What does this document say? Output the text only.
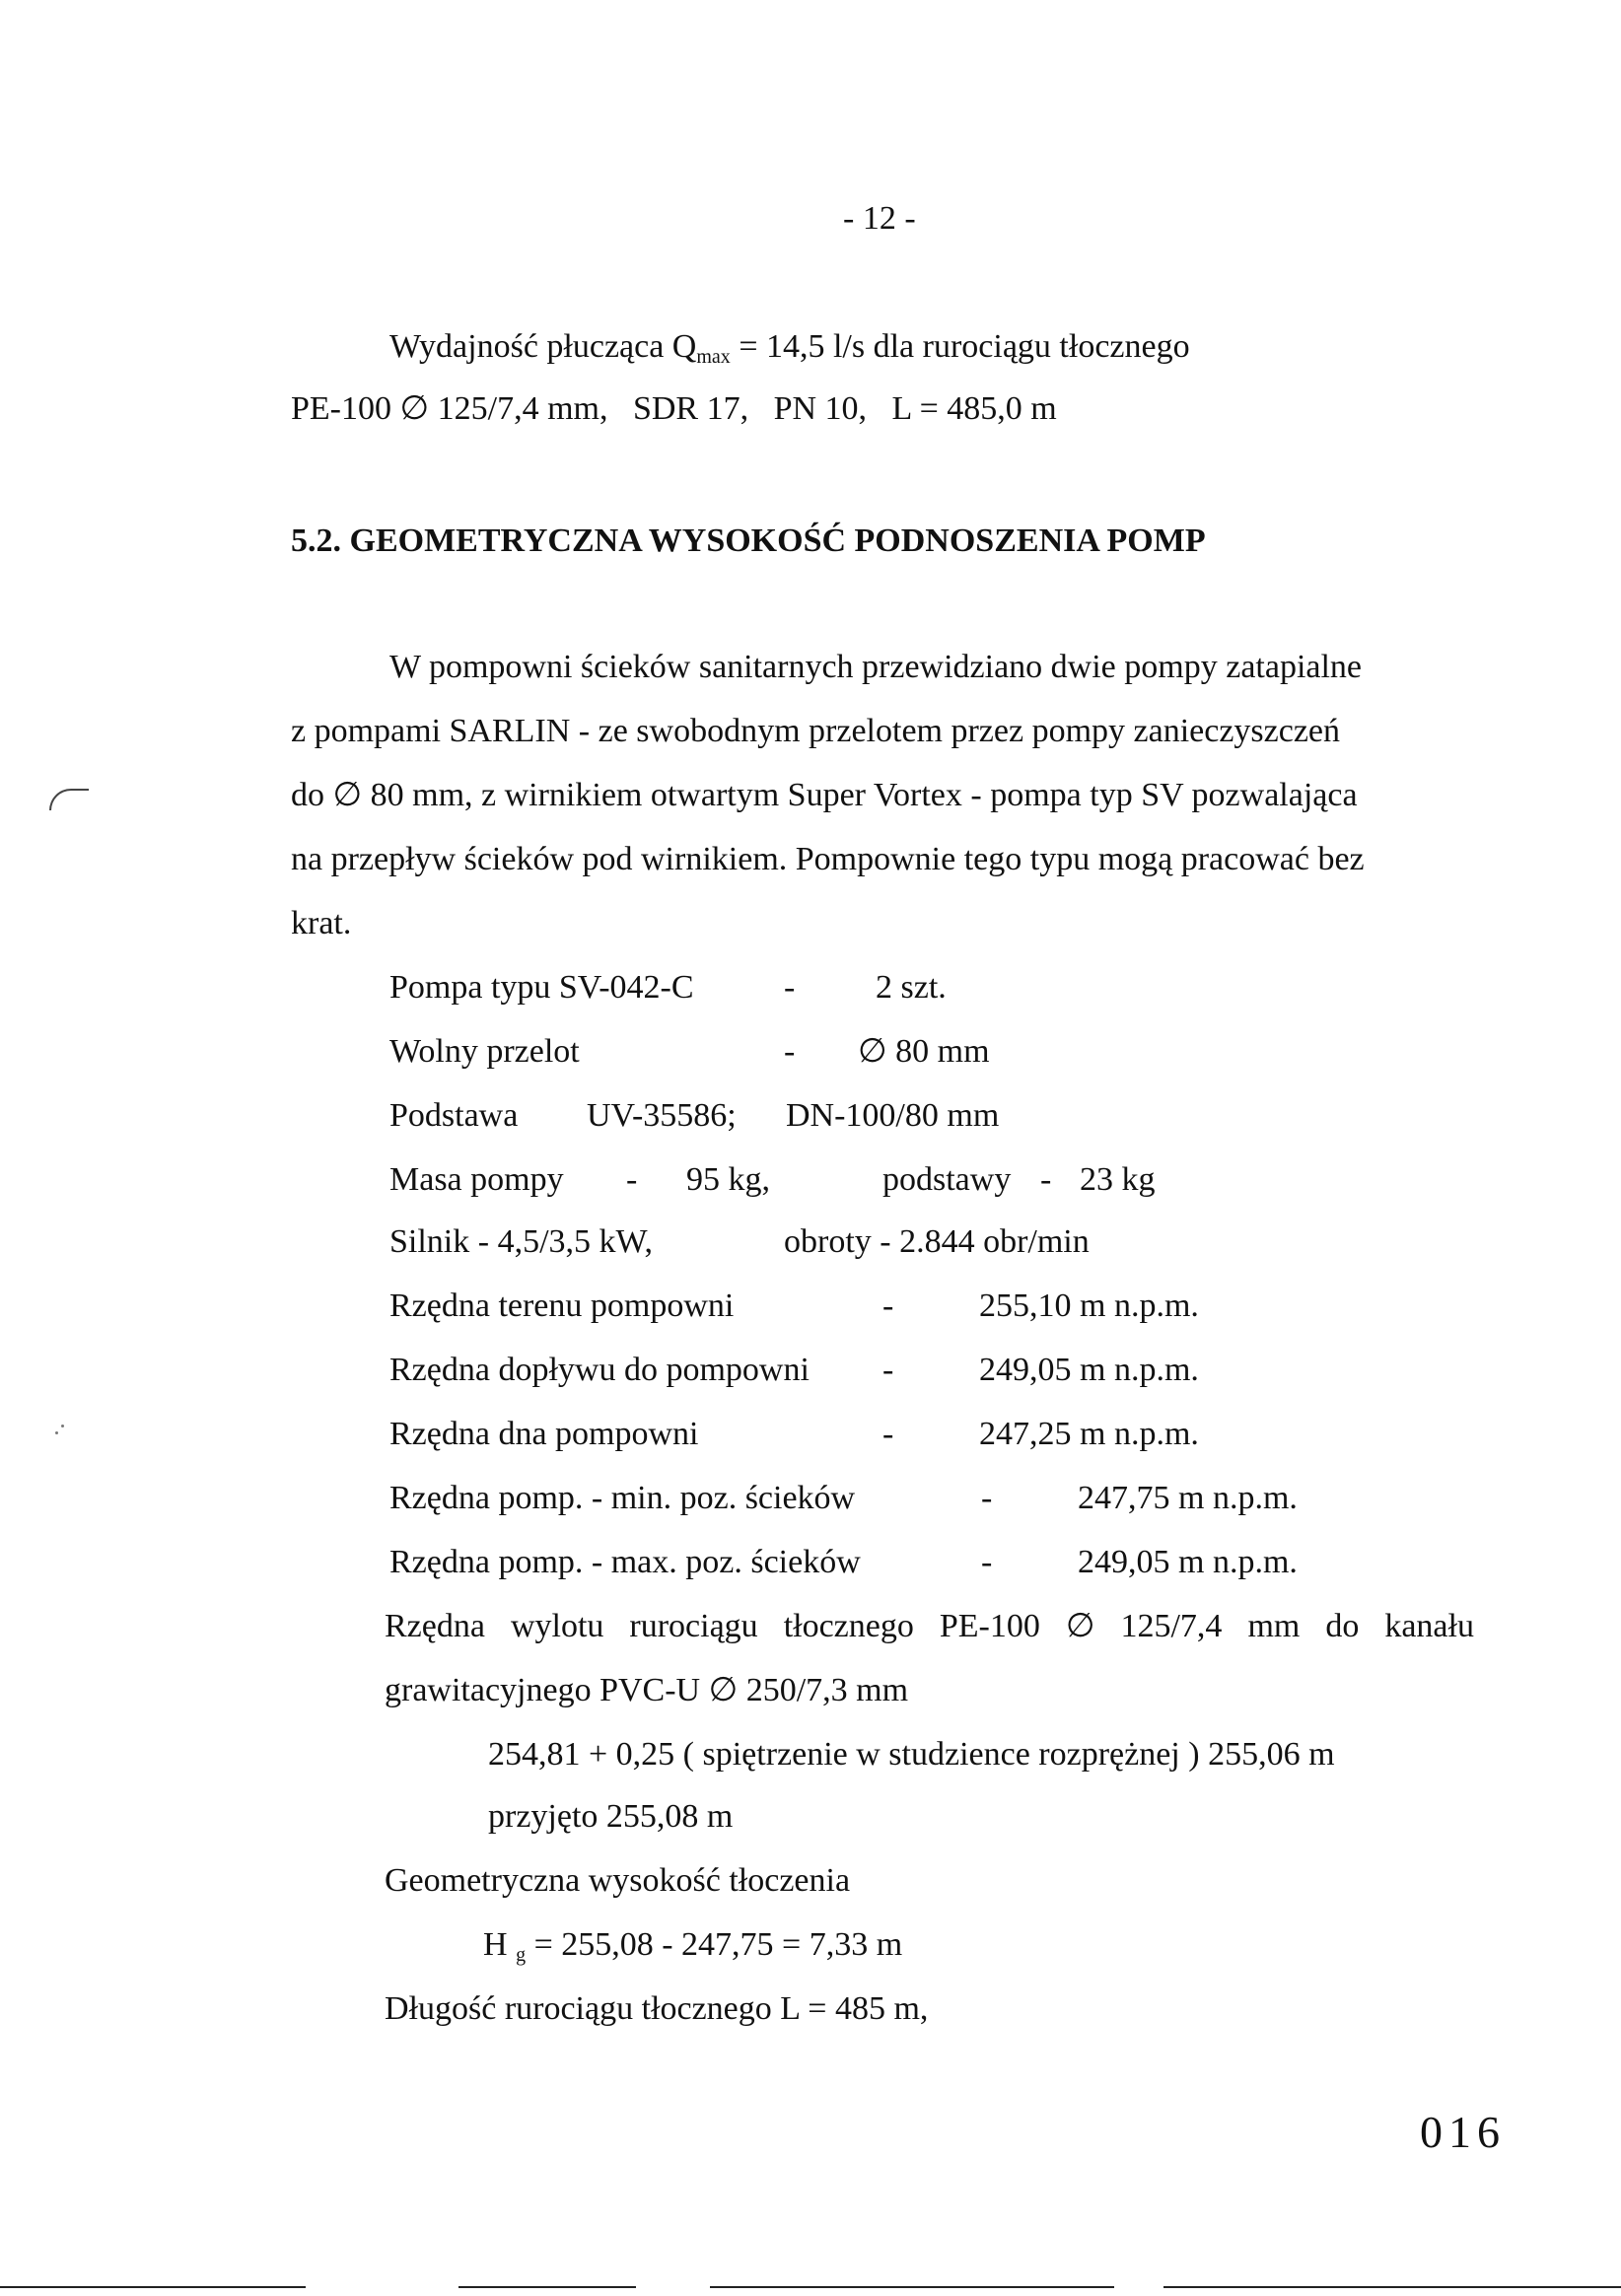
- 12 -
Wydajność płucząca $Q_{max} = 14,5$ l/s dla rurociągu tłocznego
PE-100 ∅ 125/7,4 mm,   SDR 17,   PN 10,   L = 485,0 m
5.2. GEOMETRYCZNA WYSOKOŚĆ PODNOSZENIA POMP
W pompowni ścieków sanitarnych przewidziano dwie pompy zatapialne
z pompami SARLIN - ze swobodnym przelotem przez pompy zanieczyszczeń
do ∅ 80 mm, z wirnikiem otwartym Super Vortex - pompa typ SV pozwalająca
na przepływ ścieków pod wirnikiem. Pompownie tego typu mogą pracować bez
krat.
Pompa typu SV-042-C	- 2 szt.
Wolny przelot	- ∅ 80 mm
Podstawa UV-35586; DN-100/80 mm
Masa pompy - 95 kg,	podstawy - 23 kg
Silnik - 4,5/3,5 kW,	obroty - 2.844 obr/min
Rzędna terenu pompowni	-	255,10 m n.p.m.
Rzędna dopływu do pompowni -	249,05 m n.p.m.
Rzędna dna pompowni	-	247,25 m n.p.m.
Rzędna pomp. - min. poz. ścieków	-	247,75 m n.p.m.
Rzędna pomp. - max. poz. ścieków	-	249,05 m n.p.m.
Rzędna wylotu rurociągu tłocznego PE-100 ∅ 125/7,4 mm do kanału
grawitacyjnego PVC-U ∅ 250/7,3 mm
254,81 + 0,25 ( spiętrzenie w studzience rozprężnej ) 255,06 m
przyjęto 255,08 m
Geometryczna wysokość tłoczenia
H $_g$ = 255,08 - 247,75 = 7,33 m
Długość rurociągu tłocznego L = 485 m,
016
